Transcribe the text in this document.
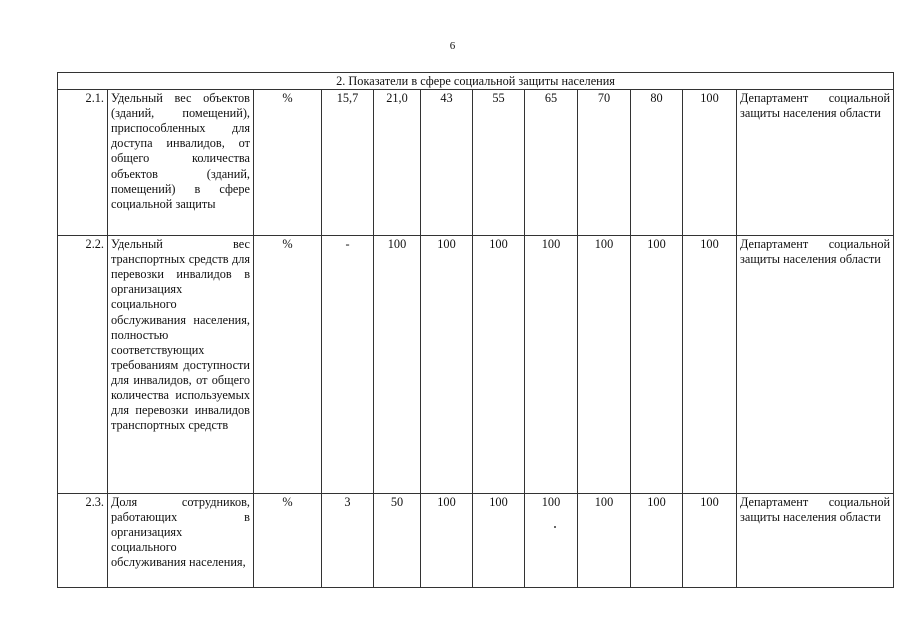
6
2. Показатели в сфере социальной защиты населения											
2.1.	Удельный вес объектов (зданий, помещений), приспособленных для доступа инвалидов, от общего количества объектов (зданий, помещений) в сфере социальной защиты	%	15,7	21,0	43	55	65	70	80	100	Департамент социальной защиты населения области
2.2.	Удельный вес транспортных средств для перевозки инвалидов в организациях социального обслуживания населения, полностью соответствующих требованиям доступности для инвалидов, от общего количества используемых для перевозки инвалидов транспортных средств	%	-	100	100	100	100	100	100	100	Департамент социальной защиты населения области
2.3.	Доля сотрудников, работающих в организациях социального обслуживания населения,	%	3	50	100	100	100	100	100	100	Департамент социальной защиты населения области
